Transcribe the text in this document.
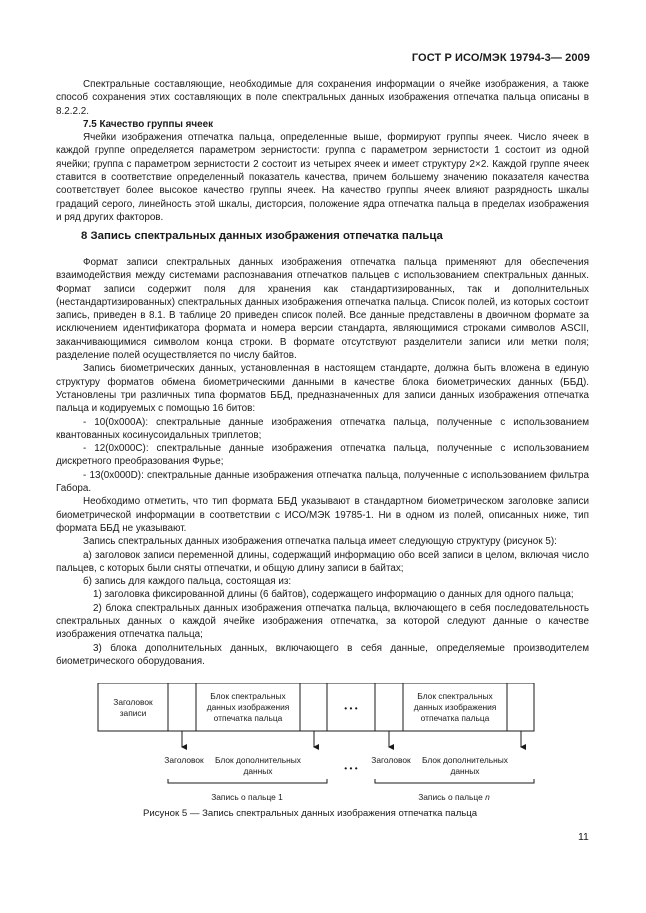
ГОСТ Р ИСО/МЭК 19794-3— 2009

Спектральные составляющие, необходимые для сохранения информации о ячейке изображения, а также способ сохранения этих составляющих в поле спектральных данных изображения отпечатка пальца описаны в 8.2.2.2.

7.5 Качество группы ячеек

Ячейки изображения отпечатка пальца, определенные выше, формируют группы ячеек. Число ячеек в каждой группе определяется параметром зернистости: группа с параметром зернистости 1 состоит из одной ячейки; группа с параметром зернистости 2 состоит из четырех ячеек и имеет структуру 2×2. Каждой группе ячеек ставится в соответствие определенный показатель качества, причем большему значению показателя качества соответствует более высокое качество группы ячеек. На качество группы ячеек влияют разрядность шкалы градаций серого, линейность этой шкалы, дисторсия, положение ядра отпечатка пальца в пределах изображения и ряд других факторов.

8 Запись спектральных данных изображения отпечатка пальца

Формат записи спектральных данных изображения отпечатка пальца применяют для обеспечения взаимодействия между системами распознавания отпечатков пальцев с использованием спектральных данных. Формат записи содержит поля для хранения как стандартизированных, так и дополнительных (нестандартизированных) спектральных данных изображения отпечатка пальца. Список полей, из которых состоит запись, приведен в 8.1. В таблице 20 приведен список полей. Все данные представлены в двоичном формате за исключением идентификатора формата и номера версии стандарта, являющимися строками символов ASCII, заканчивающимися символом конца строки. В формате отсутствуют разделители записи или метки поля; разделение полей осуществляется по числу байтов.

Запись биометрических данных, установленная в настоящем стандарте, должна быть вложена в единую структуру форматов обмена биометрическими данными в качестве блока биометрических данных (ББД). Установлены три различных типа форматов ББД, предназначенных для записи данных изображения отпечатка пальца и кодируемых с помощью 16 битов:

- 10(0x000A): спектральные данные изображения отпечатка пальца, полученные с использованием квантованных косинусоидальных триплетов;

- 12(0x000C): спектральные данные изображения отпечатка пальца, полученные с использованием дискретного преобразования Фурье;

- 13(0x000D): спектральные данные изображения отпечатка пальца, полученные с использованием фильтра Габора.

Необходимо отметить, что тип формата ББД указывают в стандартном биометрическом заголовке записи биометрической информации в соответствии с ИСО/МЭК 19785-1. Ни в одном из полей, описанных ниже, тип формата ББД не указывают.

Запись спектральных данных изображения отпечатка пальца имеет следующую структуру (рисунок 5):

а) заголовок записи переменной длины, содержащий информацию обо всей записи в целом, включая число пальцев, с которых были сняты отпечатки, и общую длину записи в байтах;

б) запись для каждого пальца, состоящая из:

1) заголовка фиксированной длины (6 байтов), содержащего информацию о данных для одного пальца;

2) блока спектральных данных изображения отпечатка пальца, включающего в себя последовательность спектральных данных о каждой ячейке изображения отпечатка, за которой следуют данные о качестве изображения отпечатка пальца;

3) блока дополнительных данных, включающего в себя данные, определяемые производителем биометрического оборудования.

Заголовок
записи
Блок спектральных
данных изображения
отпечатка пальца
• • •
Блок спектральных
данных изображения
отпечатка пальца
Заголовок Блок дополнительных
данных	• • •
Заголовок Блок дополнительных
данных
Запись о пальце 1	Запись о пальце n
Рисунок 5 — Запись спектральных данных изображения отпечатка пальца
11
